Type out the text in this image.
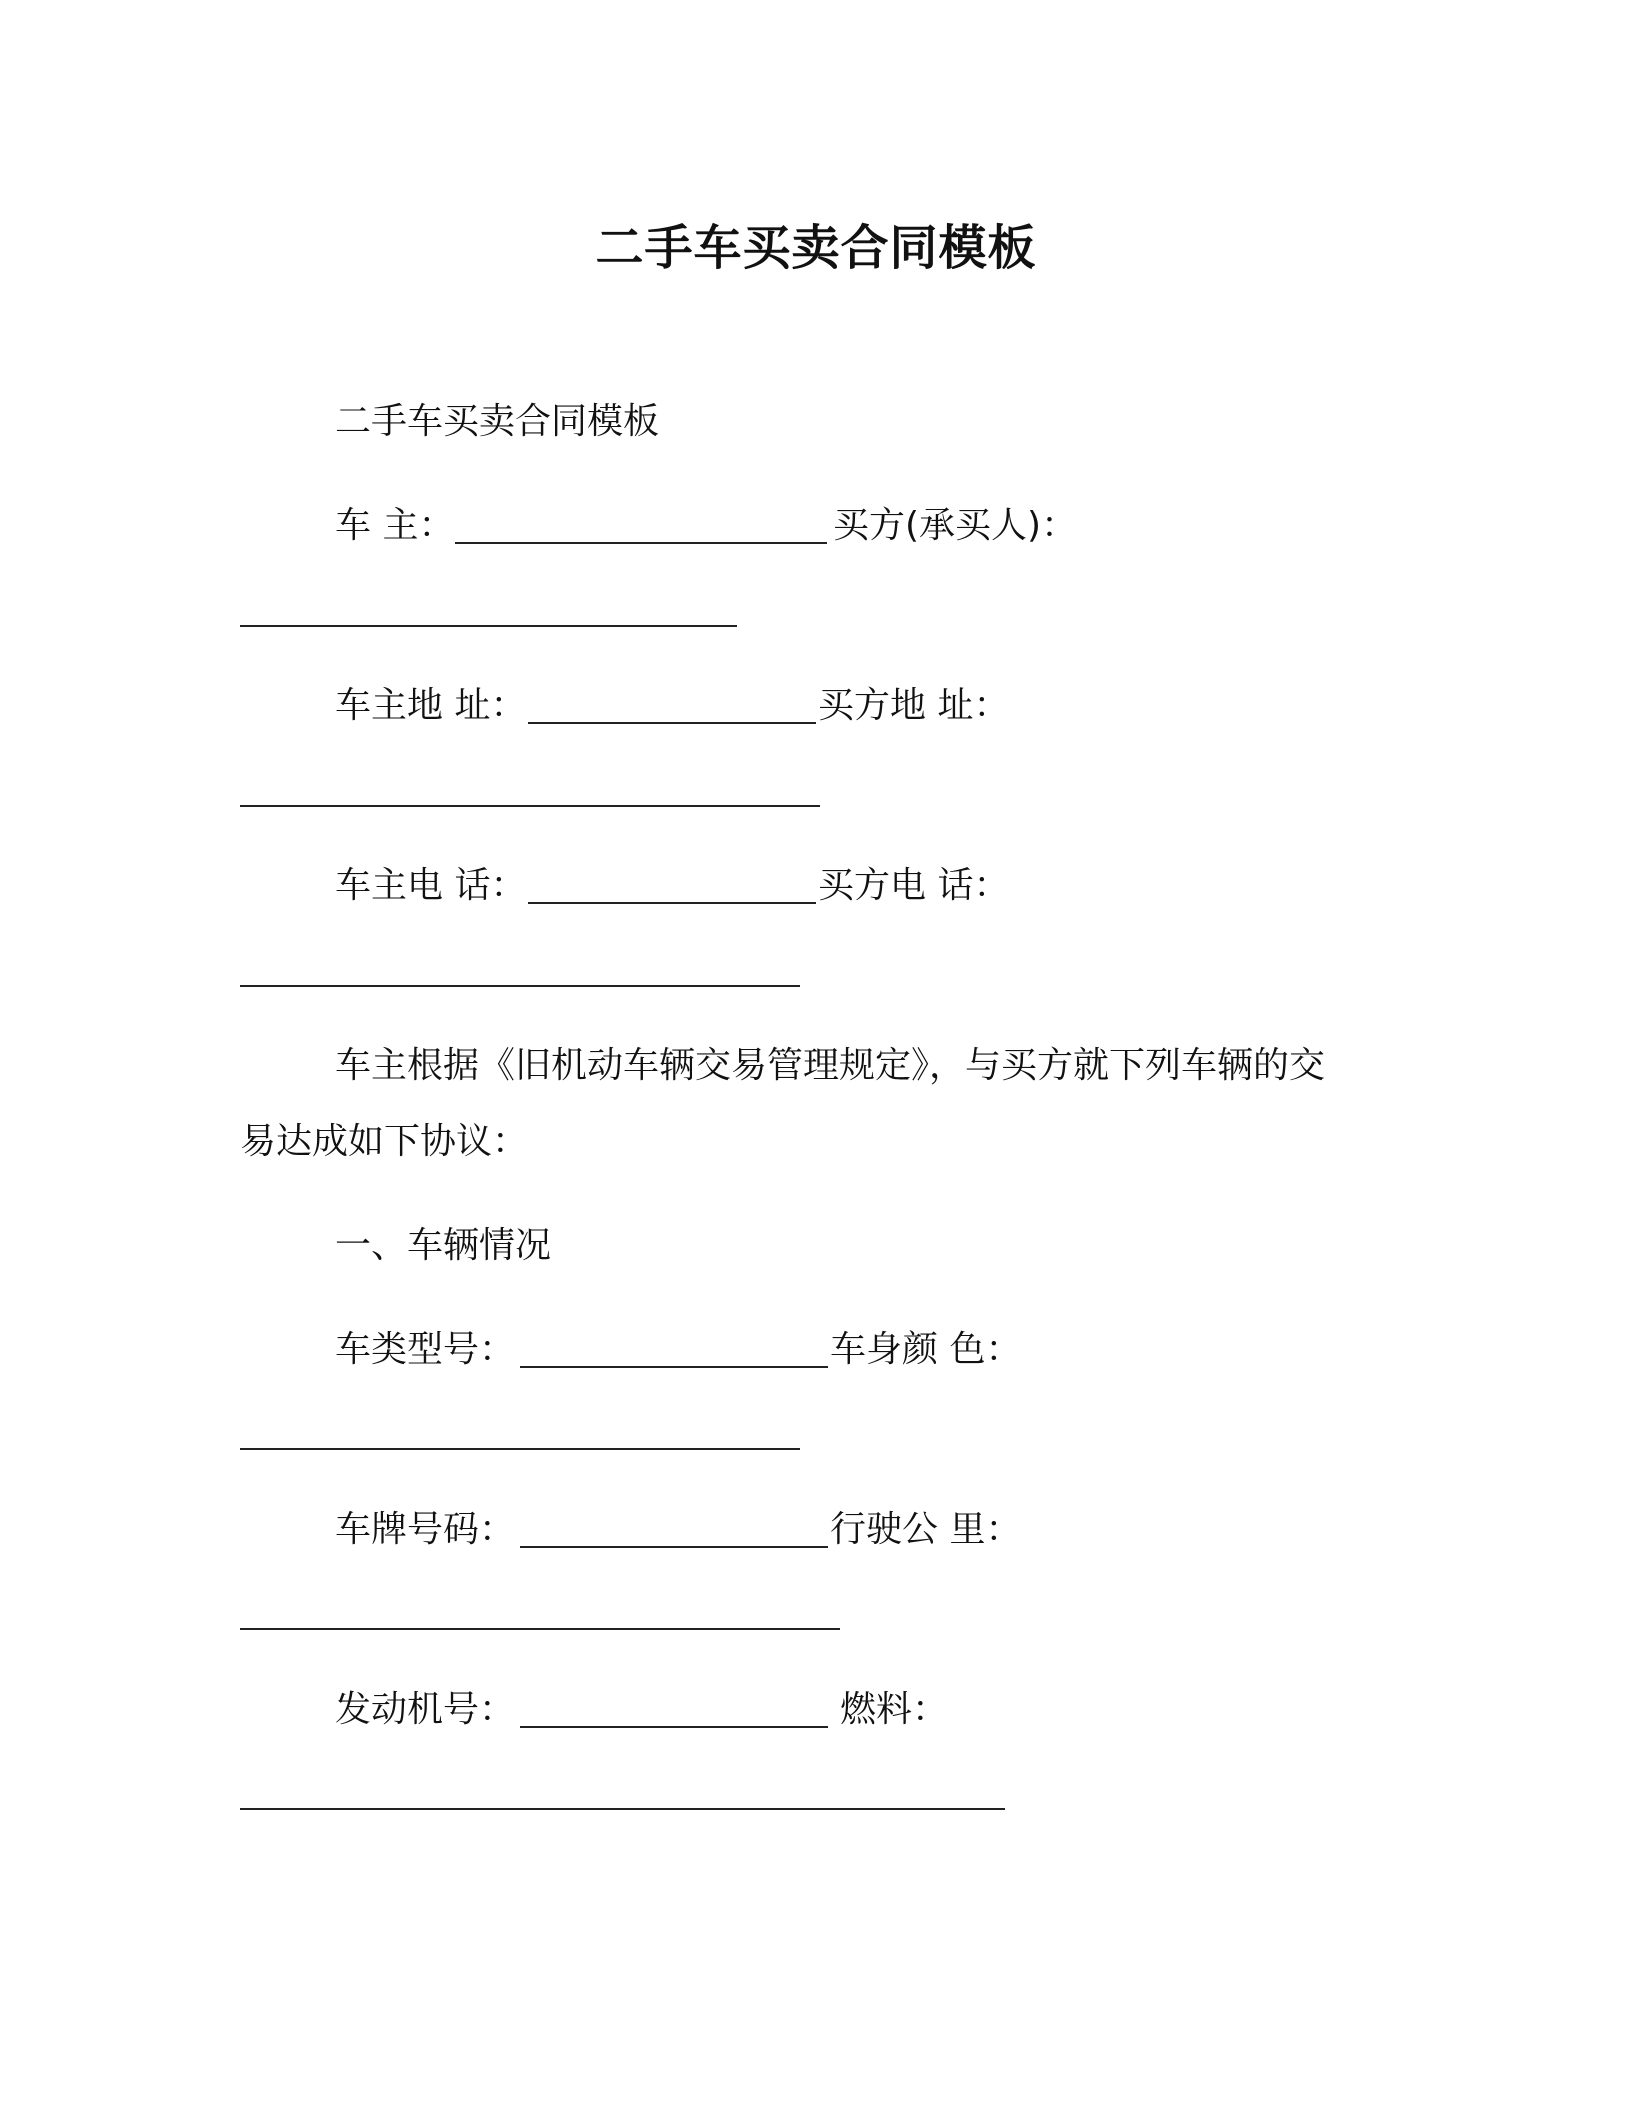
二手车买卖合同模板
二手车买卖合同模板
车 主：	买方(承买人)：
车主地 址：	买方地 址：
车主电 话：	买方电 话：
车主根据《旧机动车辆交易管理规定》，与买方就下列车辆的交
易达成如下协议：
一、车辆情况
车类型号：	车身颜 色：
车牌号码：	行驶公 里：
发动机号：	燃料：
